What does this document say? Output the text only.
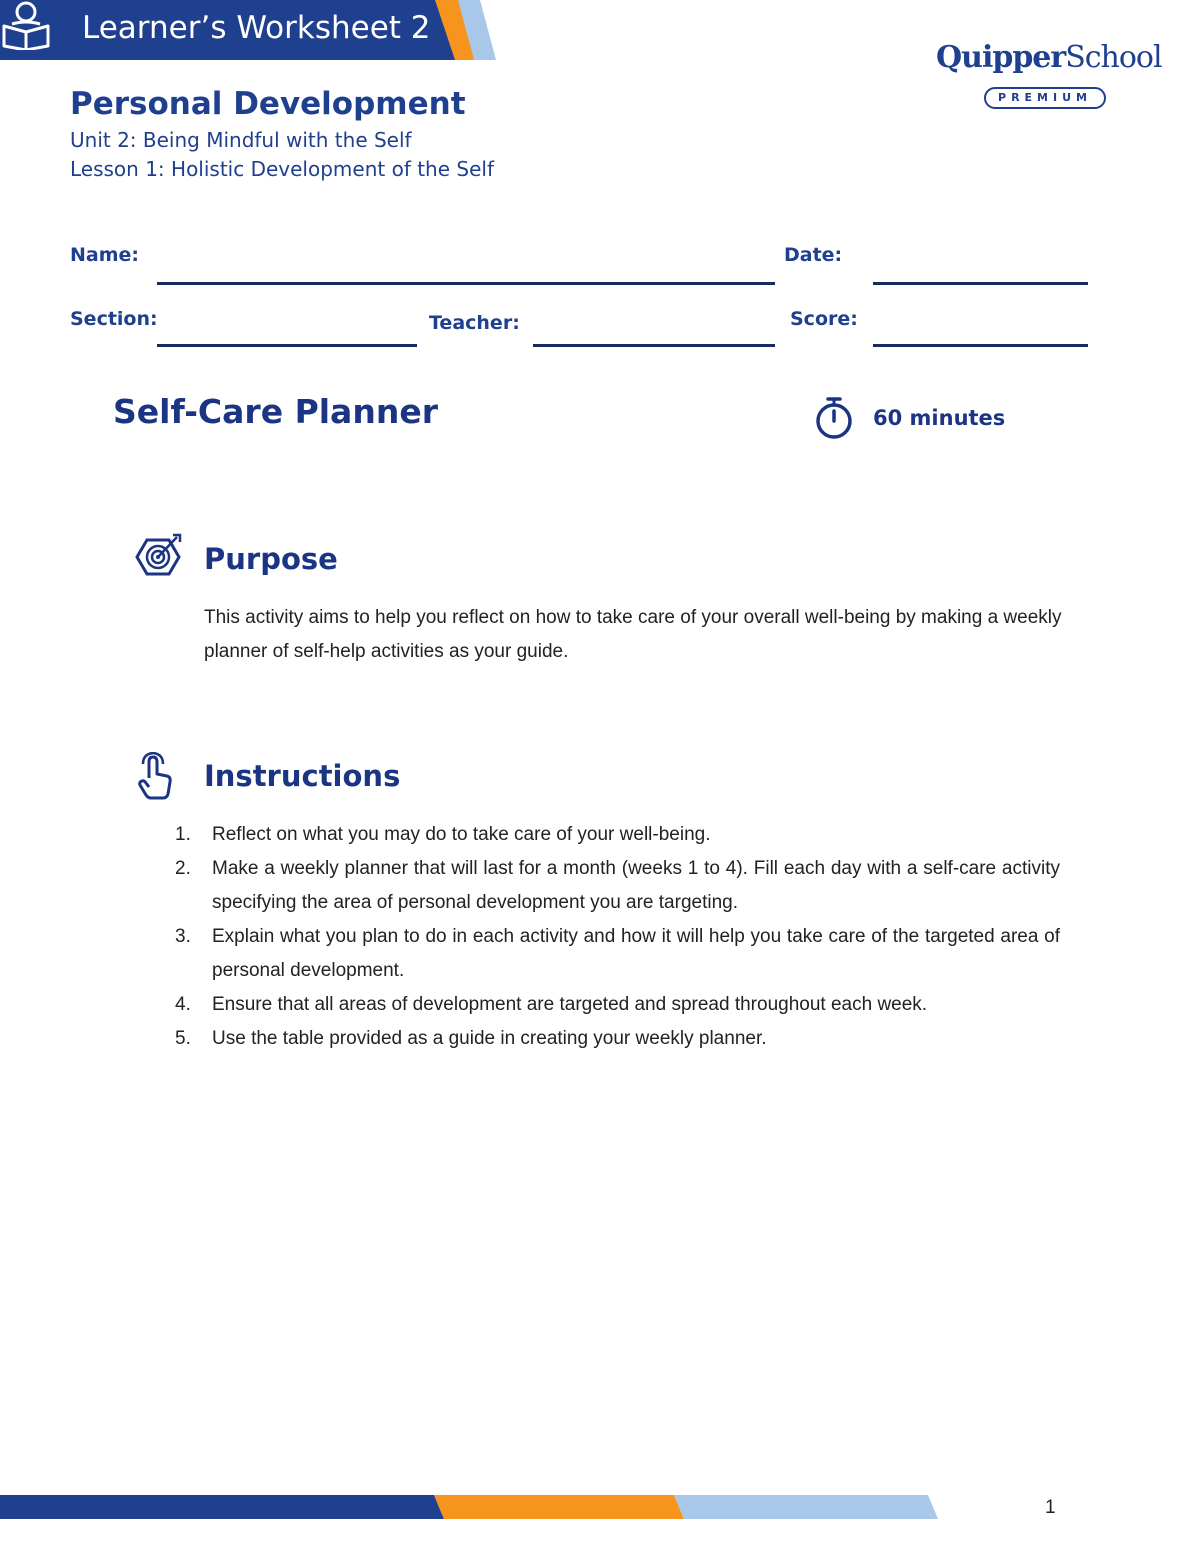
Learner’s Worksheet 2
QuipperSchool
PREMIUM
Personal Development
Unit 2: Being Mindful with the Self
Lesson 1: Holistic Development of the Self
Name:	Date:
Section:	Teacher:	Score:
Self-Care Planner	60 minutes
Purpose
This activity aims to help you reflect on how to take care of your overall well-being by making a weekly planner of self-help activities as your guide.
Instructions
1. Reflect on what you may do to take care of your well-being.
2. Make a weekly planner that will last for a month (weeks 1 to 4). Fill each day with a self-care activity specifying the area of personal development you are targeting.
3. Explain what you plan to do in each activity and how it will help you take care of the targeted area of personal development.
4. Ensure that all areas of development are targeted and spread throughout each week.
5. Use the table provided as a guide in creating your weekly planner.
1
